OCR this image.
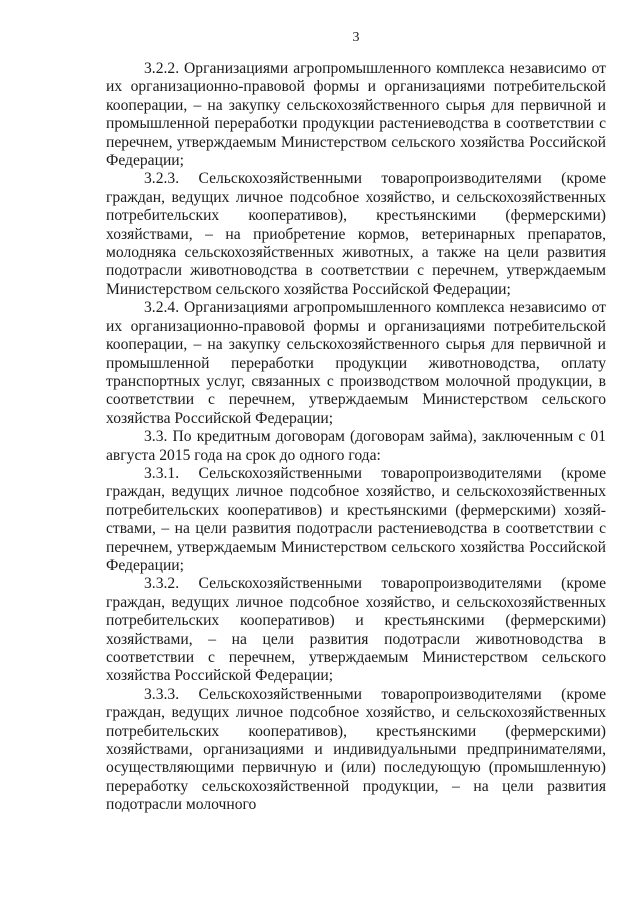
3

3.2.2. Организациями агропромышленного комплекса независимо от их организационно-правовой формы и организациями потребительской кооперации, – на закупку сельскохозяйственного сырья для первичной и промышленной переработки продукции растениеводства в соответствии с перечнем, утверждаемым Министерством сельского хозяйства Российской Федерации;

3.2.3. Сельскохозяйственными товаропроизводителями (кроме граждан, ведущих личное подсобное хозяйство, и сельскохозяйственных потребительских кооперативов), крестьянскими (фермерскими) хозяйствами, – на приобретение кормов, ветеринарных препаратов, молодняка сельскохозяйственных животных, а также на цели развития подотрасли животноводства в соответствии с перечнем, утверждаемым Министерством сельского хозяйства Российской Федерации;

3.2.4. Организациями агропромышленного комплекса независимо от их организационно-правовой формы и организациями потребительской кооперации, – на закупку сельскохозяйственного сырья для первичной и промышленной переработки продукции животноводства, оплату транспортных услуг, связанных с производством молочной продукции, в соответствии с перечнем, утверждаемым Министерством сельского хозяйства Российской Федерации;

3.3. По кредитным договорам (договорам займа), заключенным с 01 августа 2015 года на срок до одного года:

3.3.1. Сельскохозяйственными товаропроизводителями (кроме граждан, ведущих личное подсобное хозяйство, и сельскохозяйственных потребительских кооперативов) и крестьянскими (фермерскими) хозяйствами, – на цели развития подотрасли растениеводства в соответствии с перечнем, утверждаемым Министерством сельского хозяйства Российской Федерации;

3.3.2. Сельскохозяйственными товаропроизводителями (кроме граждан, ведущих личное подсобное хозяйство, и сельскохозяйственных потребительских кооперативов) и крестьянскими (фермерскими) хозяйствами, – на цели развития подотрасли животноводства в соответствии с перечнем, утверждаемым Министерством сельского хозяйства Российской Федерации;

3.3.3. Сельскохозяйственными товаропроизводителями (кроме граждан, ведущих личное подсобное хозяйство, и сельскохозяйственных потребительских кооперативов), крестьянскими (фермерскими) хозяйствами, организациями и индивидуальными предпринимателями, осуществляющими первичную и (или) последующую (промышленную) переработку сельскохозяйственной продукции, – на цели развития подотрасли молочного
